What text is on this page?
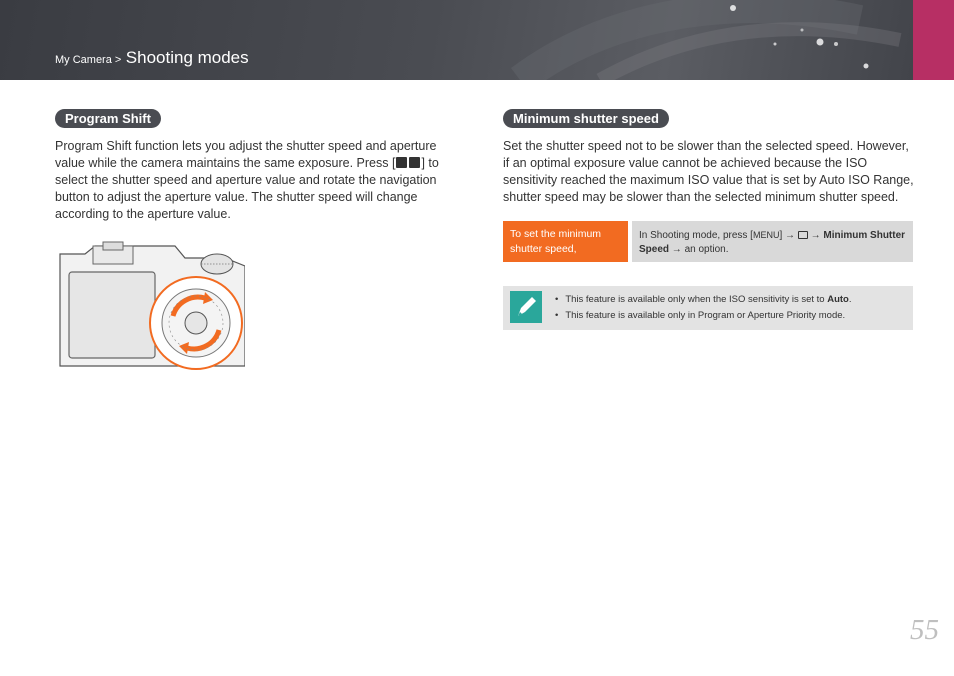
My Camera > Shooting modes
Program Shift
Program Shift function lets you adjust the shutter speed and aperture value while the camera maintains the same exposure. Press [ ] to select the shutter speed and aperture value and rotate the navigation button to adjust the aperture value. The shutter speed will change according to the aperture value.
Minimum shutter speed
Set the shutter speed not to be slower than the selected speed. However, if an optimal exposure value cannot be achieved because the ISO sensitivity reached the maximum ISO value that is set by Auto ISO Range, shutter speed may be slower than the selected minimum shutter speed.
To set the minimum shutter speed,
In Shooting mode, press [MENU] →  → Minimum Shutter Speed → an option.
• This feature is available only when the ISO sensitivity is set to Auto.
• This feature is available only in Program or Aperture Priority mode.
55
